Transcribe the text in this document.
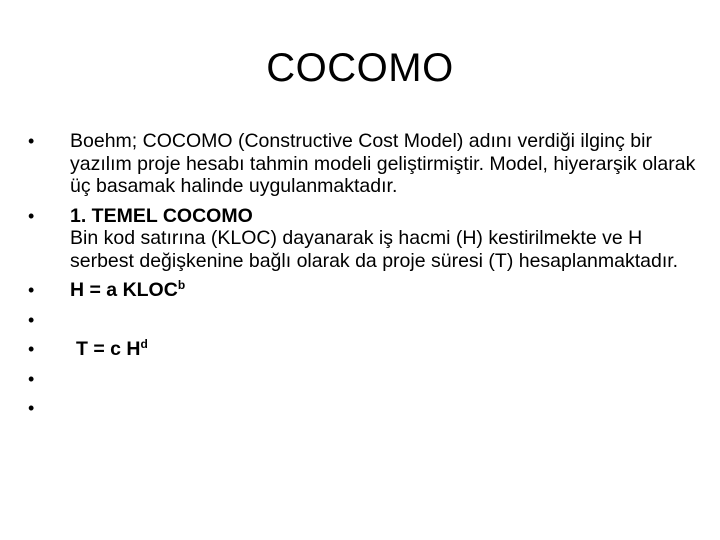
COCOMO
•	Boehm; COCOMO (Constructive Cost Model) adını verdiği ilginç bir yazılım proje hesabı tahmin modeli geliştirmiştir. Model, hiyerarşik olarak üç basamak halinde uygulanmaktadır.
•	1. TEMEL COCOMO
Bin kod satırına (KLOC) dayanarak iş hacmi (H) kestirilmekte ve H serbest değişkenine bağlı olarak da proje süresi (T) hesaplanmaktadır.
•	H = a KLOC$^b$
•
•	T = c $H^d$
•
•
